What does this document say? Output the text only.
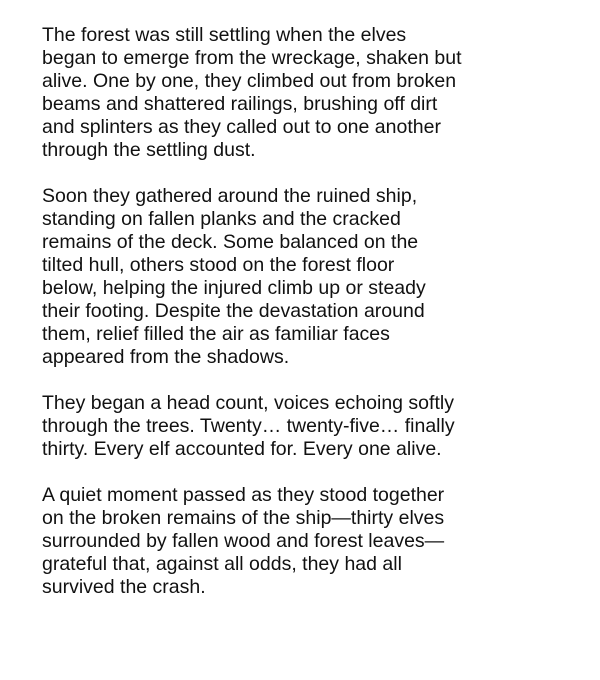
The forest was still settling when the elves
began to emerge from the wreckage, shaken but
alive. One by one, they climbed out from broken
beams and shattered railings, brushing off dirt
and splinters as they called out to one another
through the settling dust.

Soon they gathered around the ruined ship,
standing on fallen planks and the cracked
remains of the deck. Some balanced on the
tilted hull, others stood on the forest floor
below, helping the injured climb up or steady
their footing. Despite the devastation around
them, relief filled the air as familiar faces
appeared from the shadows.

They began a head count, voices echoing softly
through the trees. Twenty… twenty-five… finally
thirty. Every elf accounted for. Every one alive.

A quiet moment passed as they stood together
on the broken remains of the ship—thirty elves
surrounded by fallen wood and forest leaves—
grateful that, against all odds, they had all
survived the crash.
